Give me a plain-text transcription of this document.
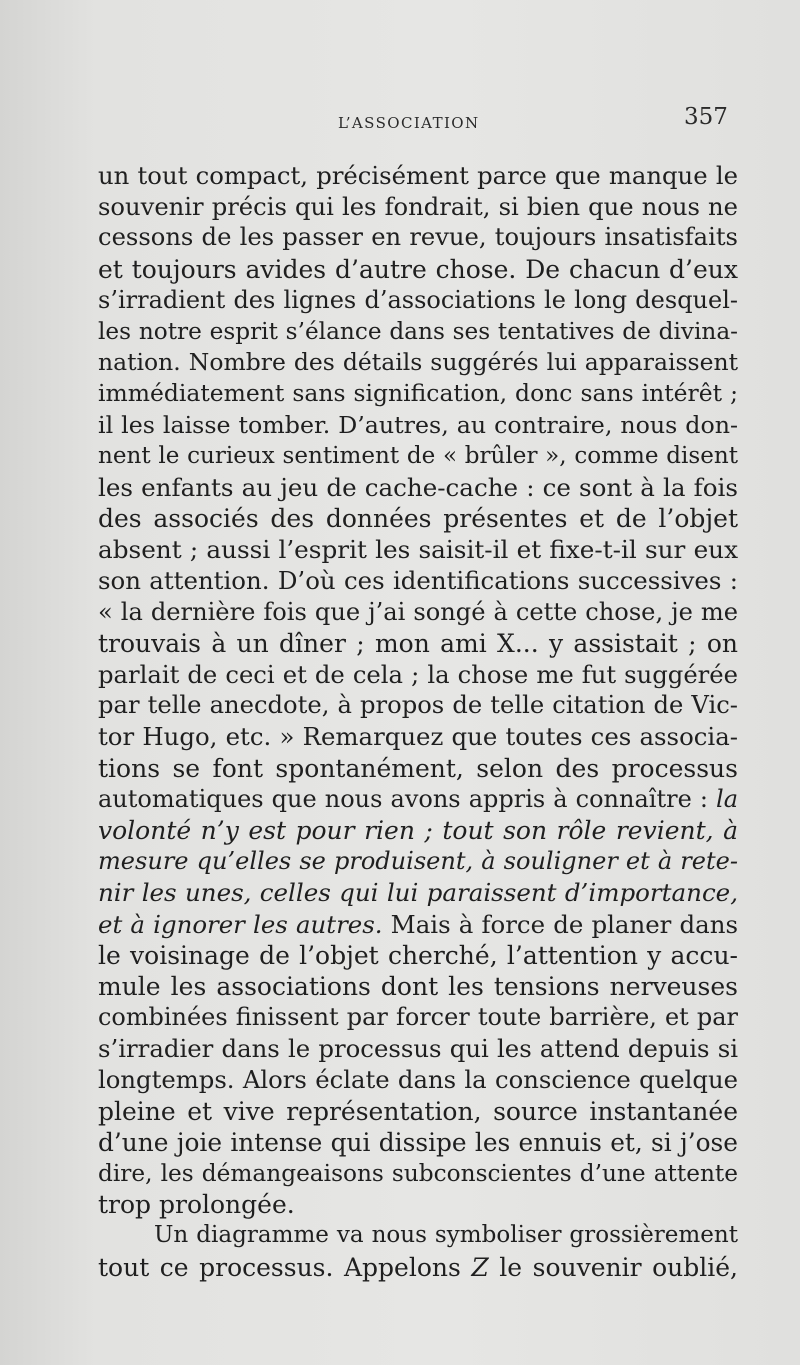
L’ASSOCIATION	357
un tout compact, précisément parce que manque le
souvenir précis qui les fondrait, si bien que nous ne
cessons de les passer en revue, toujours insatisfaits
et toujours avides d’autre chose. De chacun d’eux
s’irradient des lignes d’associations le long desquel-
les notre esprit s’élance dans ses tentatives de divina-
nation. Nombre des détails suggérés lui apparaissent
immédiatement sans signification, donc sans intérêt ;
il les laisse tomber. D’autres, au contraire, nous don-
nent le curieux sentiment de « brûler », comme disent
les enfants au jeu de cache-cache : ce sont à la fois
des associés des données présentes et de l’objet
absent ; aussi l’esprit les saisit-il et fixe-t-il sur eux
son attention. D’où ces identifications successives :
« la dernière fois que j’ai songé à cette chose, je me
trouvais à un dîner ; mon ami X... y assistait ; on
parlait de ceci et de cela ; la chose me fut suggérée
par telle anecdote, à propos de telle citation de Vic-
tor Hugo, etc. » Remarquez que toutes ces associa-
tions se font spontanément, selon des processus
automatiques que nous avons appris à connaître : la
volonté n’y est pour rien ; tout son rôle revient, à
mesure qu’elles se produisent, à souligner et à rete-
nir les unes, celles qui lui paraissent d’importance,
et à ignorer les autres. Mais à force de planer dans
le voisinage de l’objet cherché, l’attention y accu-
mule les associations dont les tensions nerveuses
combinées finissent par forcer toute barrière, et par
s’irradier dans le processus qui les attend depuis si
longtemps. Alors éclate dans la conscience quelque
pleine et vive représentation, source instantanée
d’une joie intense qui dissipe les ennuis et, si j’ose
dire, les démangeaisons subconscientes d’une attente
trop prolongée.
Un diagramme va nous symboliser grossièrement
tout ce processus. Appelons Z le souvenir oublié,
